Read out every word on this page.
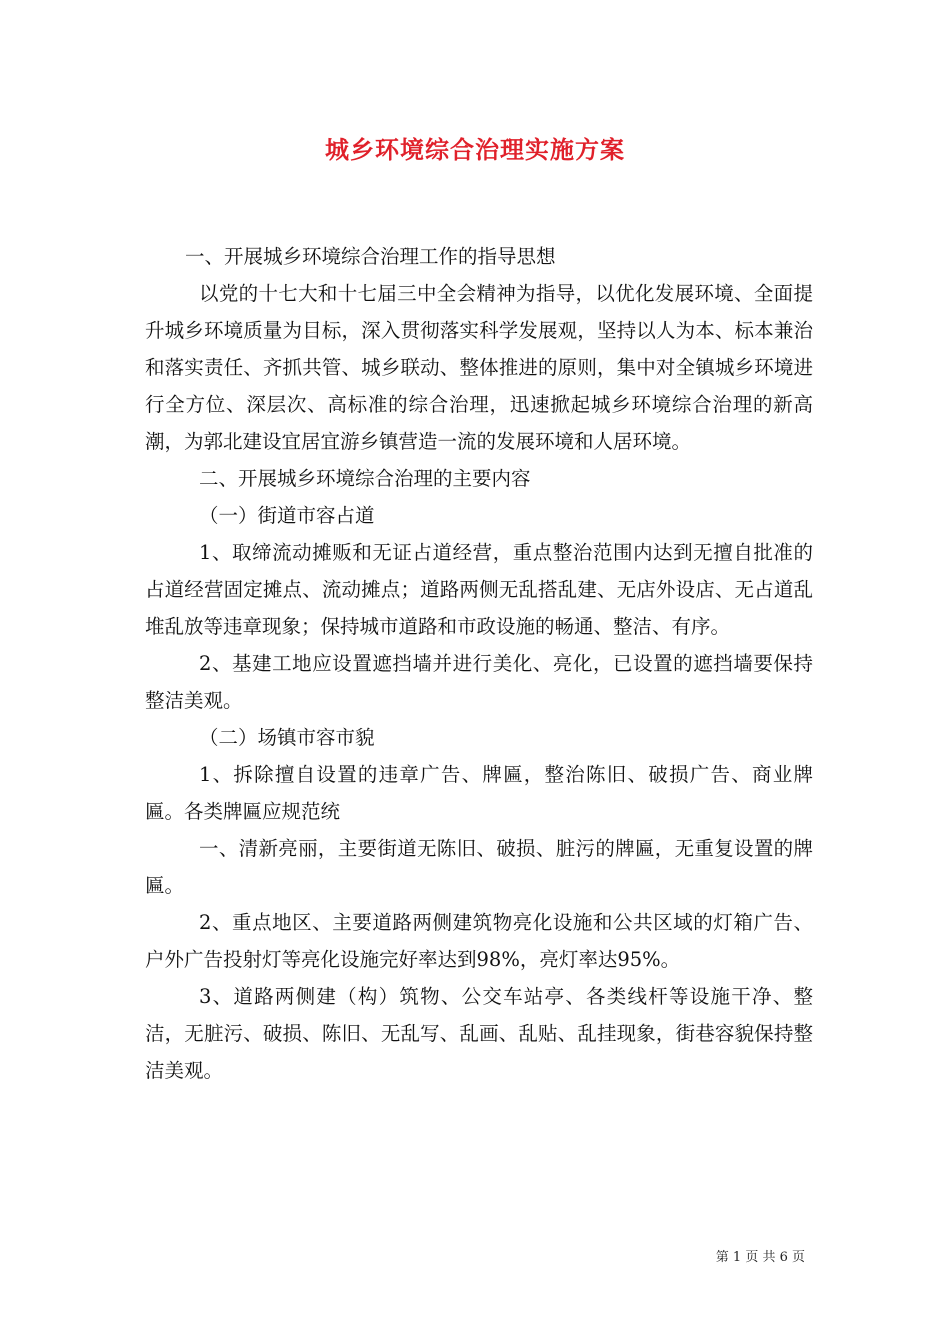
城乡环境综合治理实施方案

一、开展城乡环境综合治理工作的指导思想

以党的十七大和十七届三中全会精神为指导，以优化发展环境、全面提升城乡环境质量为目标，深入贯彻落实科学发展观，坚持以人为本、标本兼治和落实责任、齐抓共管、城乡联动、整体推进的原则，集中对全镇城乡环境进行全方位、深层次、高标准的综合治理，迅速掀起城乡环境综合治理的新高潮，为郭北建设宜居宜游乡镇营造一流的发展环境和人居环境。

二、开展城乡环境综合治理的主要内容

（一）街道市容占道

1、取缔流动摊贩和无证占道经营，重点整治范围内达到无擅自批准的占道经营固定摊点、流动摊点；道路两侧无乱搭乱建、无店外设店、无占道乱堆乱放等违章现象；保持城市道路和市政设施的畅通、整洁、有序。

2、基建工地应设置遮挡墙并进行美化、亮化，已设置的遮挡墙要保持整洁美观。

（二）场镇市容市貌

1、拆除擅自设置的违章广告、牌匾，整治陈旧、破损广告、商业牌匾。各类牌匾应规范统

一、清新亮丽，主要街道无陈旧、破损、脏污的牌匾，无重复设置的牌匾。

2、重点地区、主要道路两侧建筑物亮化设施和公共区域的灯箱广告、户外广告投射灯等亮化设施完好率达到98%，亮灯率达95%。

3、道路两侧建（构）筑物、公交车站亭、各类线杆等设施干净、整洁，无脏污、破损、陈旧、无乱写、乱画、乱贴、乱挂现象，街巷容貌保持整洁美观。

第 1 页 共 6 页
